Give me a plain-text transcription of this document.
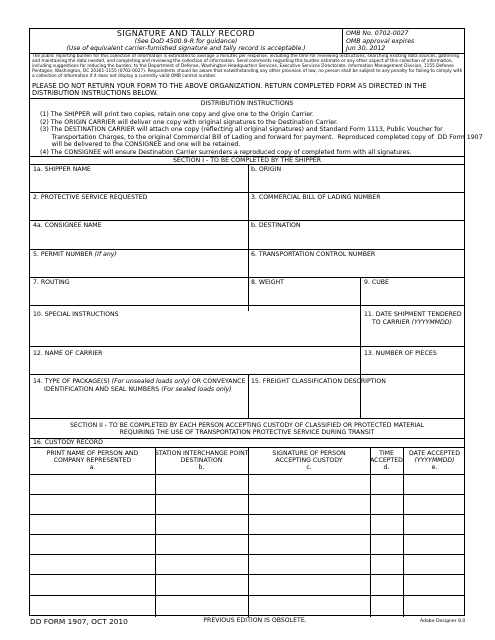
SIGNATURE AND TALLY RECORD
(See DoD 4500.9-R for guidance)
(Use of equivalent carrier-furnished signature and tally record is acceptable.)
OMB No. 0702-0027
OMB approval expires
Jun 30, 2012
The public reporting burden for this collection of information is estimated to average 3 minutes per response, including the time for reviewing instructions, searching existing data sources, gathering and maintaining the data needed, and completing and reviewing the collection of information. Send comments regarding this burden estimate or any other aspect of this collection of information, including suggestions for reducing the burden, to the Department of Defense, Washington Headquarters Services, Executive Services Directorate, Information Management Division, 1155 Defense Pentagon, Washington, DC 20301-1155 (0702-0027). Respondents should be aware that notwithstanding any other provision of law, no person shall be subject to any penalty for failing to comply with a collection of information if it does not display a currently valid OMB control number.
PLEASE DO NOT RETURN YOUR FORM TO THE ABOVE ORGANIZATION. RETURN COMPLETED FORM AS DIRECTED IN THE
DISTRIBUTION INSTRUCTIONS BELOW.
DISTRIBUTION INSTRUCTIONS
(1) The SHIPPER will print two copies, retain one copy and give one to the Origin Carrier.
(2) The ORIGIN CARRIER will deliver one copy with original signatures to the Destination Carrier.
(3) The DESTINATION CARRIER will attach one copy (reflecting all original signatures) and Standard Form 1113, Public Voucher for
Transportation Charges, to the original Commercial Bill of Lading and forward for payment.  Reproduced completed copy of  DD Form 1907
will be delivered to the CONSIGNEE and one will be retained.
(4) The CONSIGNEE will ensure Destination Carrier surrenders a reproduced copy of completed form with all signatures.
SECTION I - TO BE COMPLETED BY THE SHIPPER
1a. SHIPPER NAME	b. ORIGIN
2. PROTECTIVE SERVICE REQUESTED	3. COMMERCIAL BILL OF LADING NUMBER
4a. CONSIGNEE NAME	b. DESTINATION
5. PERMIT NUMBER (If any)	6. TRANSPORTATION CONTROL NUMBER
7. ROUTING	8. WEIGHT	9. CUBE
10. SPECIAL INSTRUCTIONS	11. DATE SHIPMENT TENDERED
TO CARRIER (YYYYMMDD)
12. NAME OF CARRIER	13. NUMBER OF PIECES
14. TYPE OF PACKAGE(S) (For unsealed loads only) OR CONVEYANCE
IDENTIFICATION AND SEAL NUMBERS (For sealed loads only)
15. FREIGHT CLASSIFICATION DESCRIPTION
SECTION II - TO BE COMPLETED BY EACH PERSON ACCEPTING CUSTODY OF CLASSIFIED OR PROTECTED MATERIAL
REQUIRING THE USE OF TRANSPORTATION PROTECTIVE SERVICE DURING TRANSIT
16. CUSTODY RECORD
PRINT NAME OF PERSON AND
COMPANY REPRESENTED
a.
STATION INTERCHANGE POINT
DESTINATION
b.
SIGNATURE OF PERSON
ACCEPTING CUSTODY
c.
TIME
ACCEPTED
d.
DATE ACCEPTED
(YYYYMMDD)
e.
DD FORM 1907, OCT 2010	PREVIOUS EDITION IS OBSOLETE.	Adobe Designer 8.0
